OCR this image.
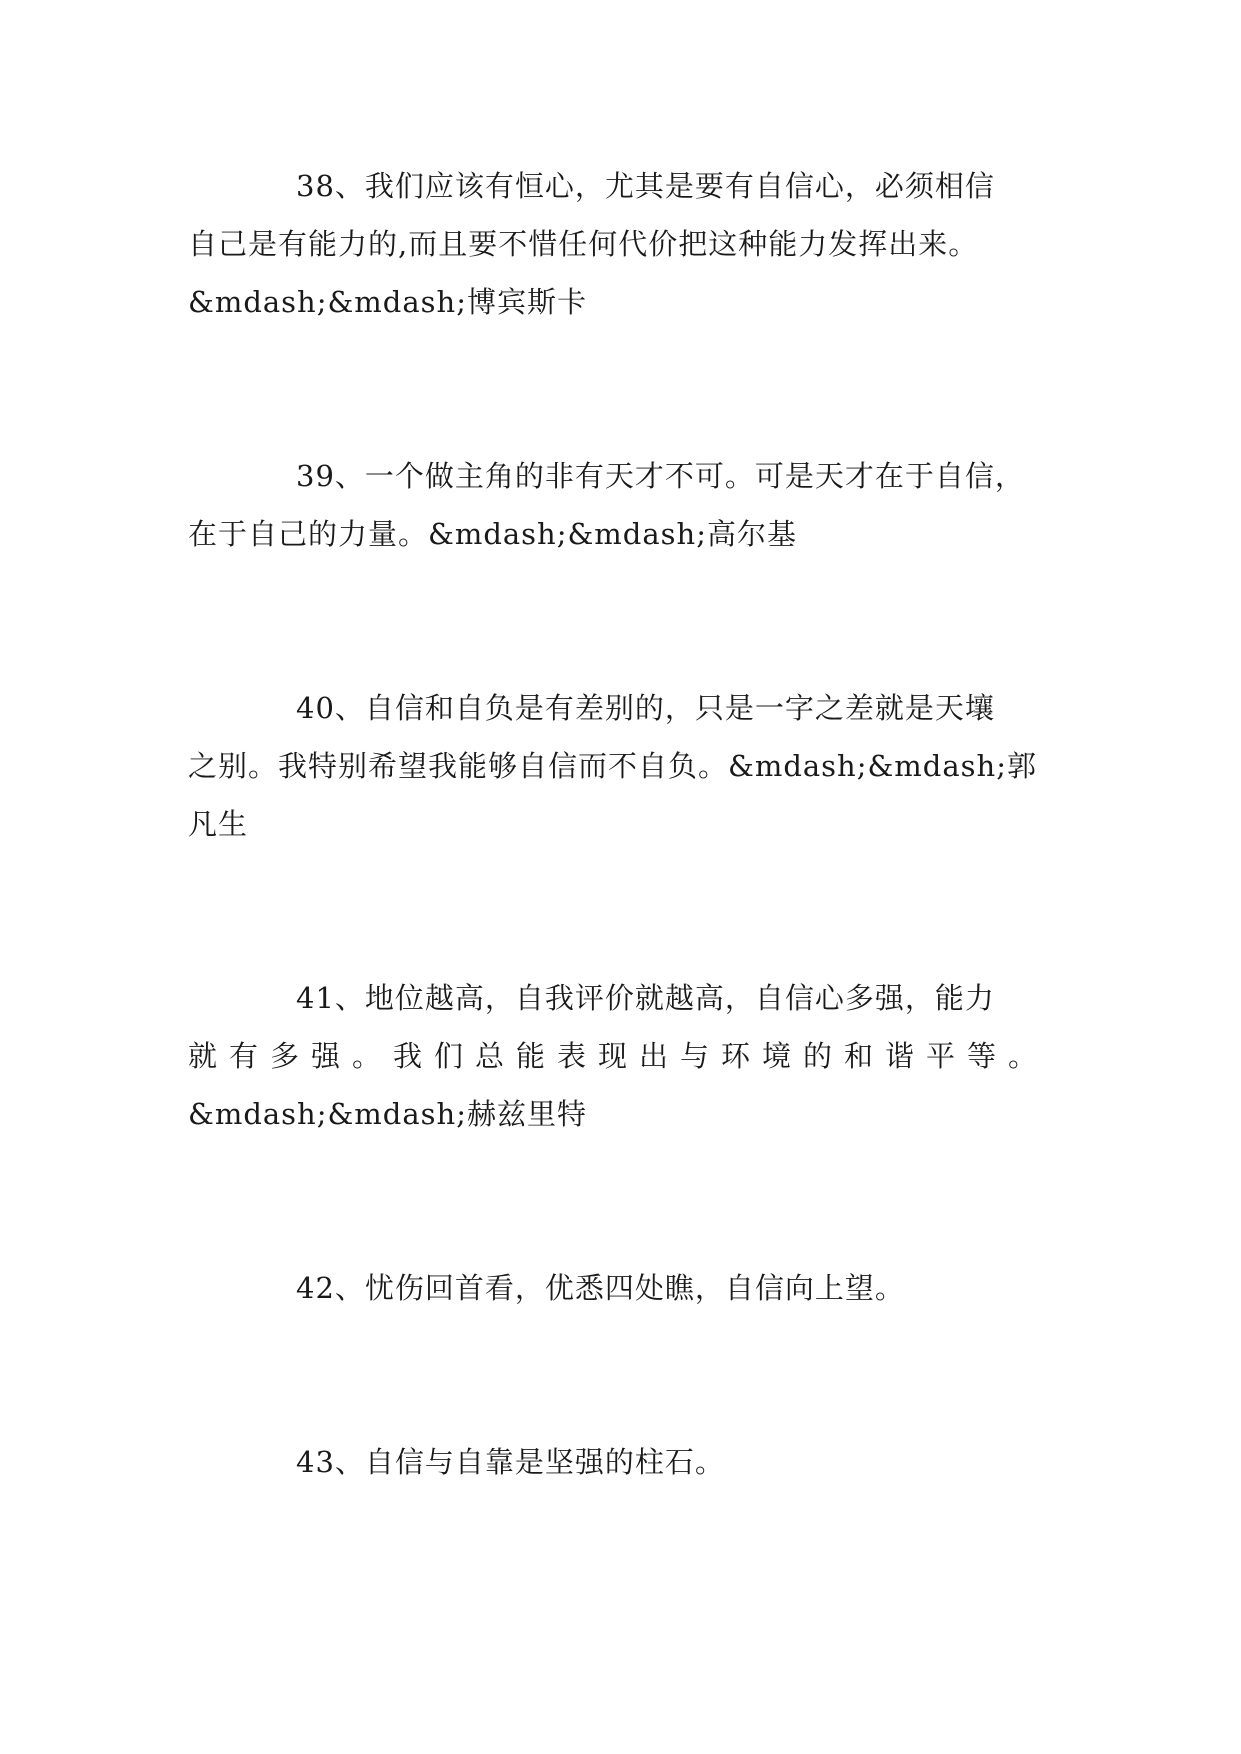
38、我们应该有恒心，尤其是要有自信心，必须相信
自己是有能力的,而且要不惜任何代价把这种能力发挥出来。
&mdash;&mdash;博宾斯卡
39、一个做主角的非有天才不可。可是天才在于自信，
在于自己的力量。&mdash;&mdash;高尔基
40、自信和自负是有差别的，只是一字之差就是天壤
之别。我特别希望我能够自信而不自负。&mdash;&mdash;郭
凡生
41、地位越高，自我评价就越高，自信心多强，能力
就有多强。我们总能表现出与环境的和谐平等。
&mdash;&mdash;赫兹里特
42、忧伤回首看，优悉四处瞧，自信向上望。
43、自信与自靠是坚强的柱石。
